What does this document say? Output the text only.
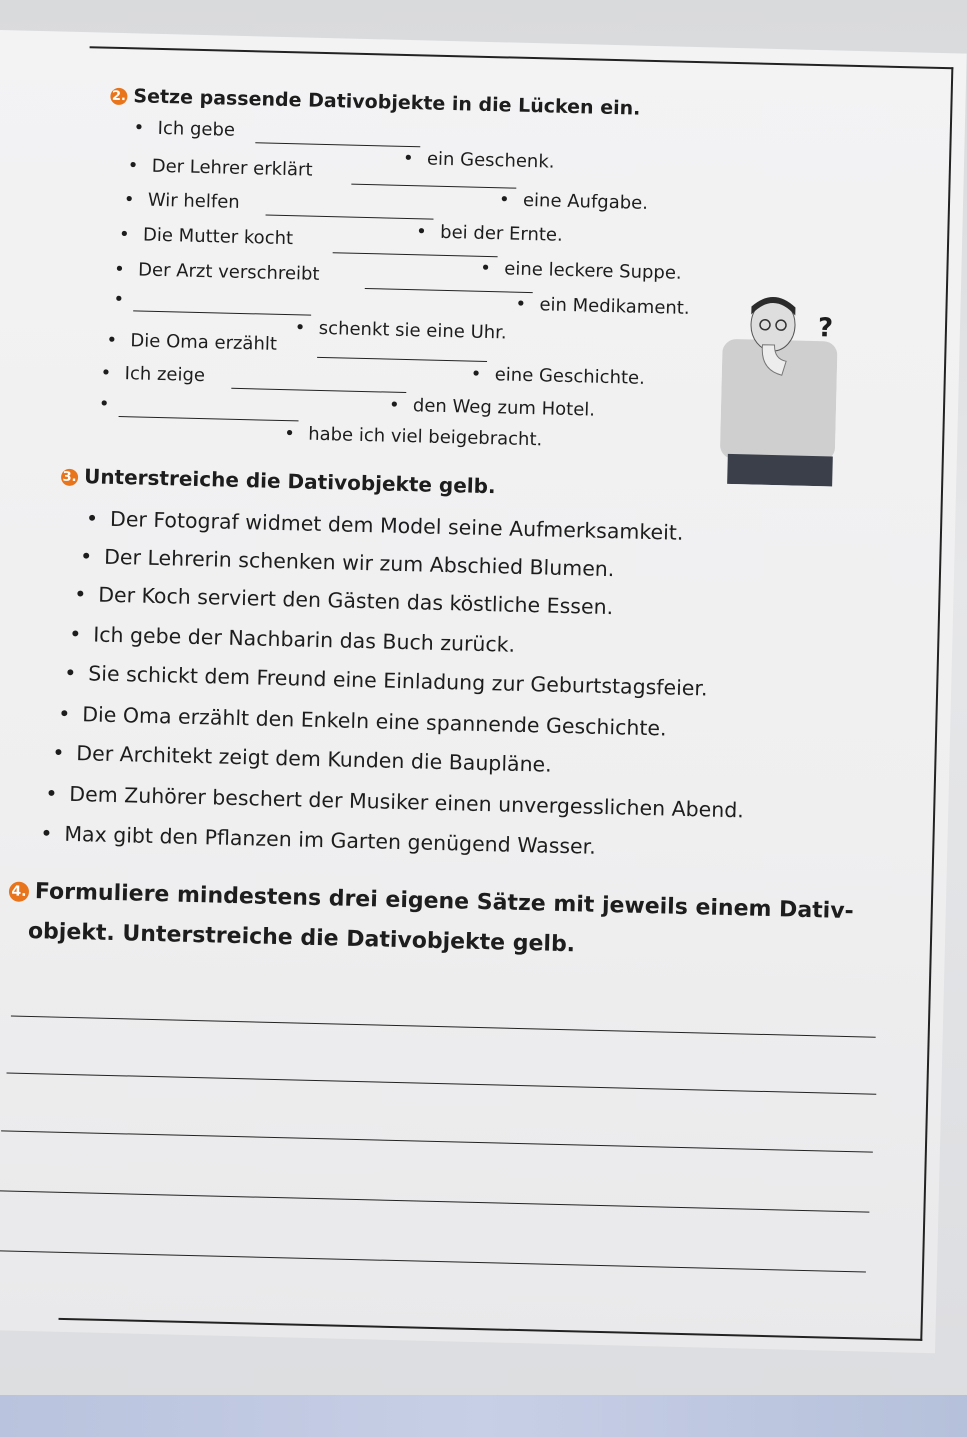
2. Setze passende Dativobjekte in die Lücken ein.
• Ich gebe
• ein Geschenk.
• Der Lehrer erklärt
• eine Aufgabe.
• Wir helfen
• bei der Ernte.
• Die Mutter kocht
• eine leckere Suppe.
• Der Arzt verschreibt
• ein Medikament.
• schenkt sie eine Uhr.
• Die Oma erzählt
• eine Geschichte.
• Ich zeige
• den Weg zum Hotel.
• habe ich viel beigebracht.
?
3. Unterstreiche die Dativobjekte gelb.
• Der Fotograf widmet dem Model seine Aufmerksamkeit.
• Der Lehrerin schenken wir zum Abschied Blumen.
• Der Koch serviert den Gästen das köstliche Essen.
• Ich gebe der Nachbarin das Buch zurück.
• Sie schickt dem Freund eine Einladung zur Geburtstagsfeier.
• Die Oma erzählt den Enkeln eine spannende Geschichte.
• Der Architekt zeigt dem Kunden die Baupläne.
• Dem Zuhörer beschert der Musiker einen unvergesslichen Abend.
• Max gibt den Pflanzen im Garten genügend Wasser.
4. Formuliere mindestens drei eigene Sätze mit jeweils einem Dativ-
objekt. Unterstreiche die Dativobjekte gelb.
